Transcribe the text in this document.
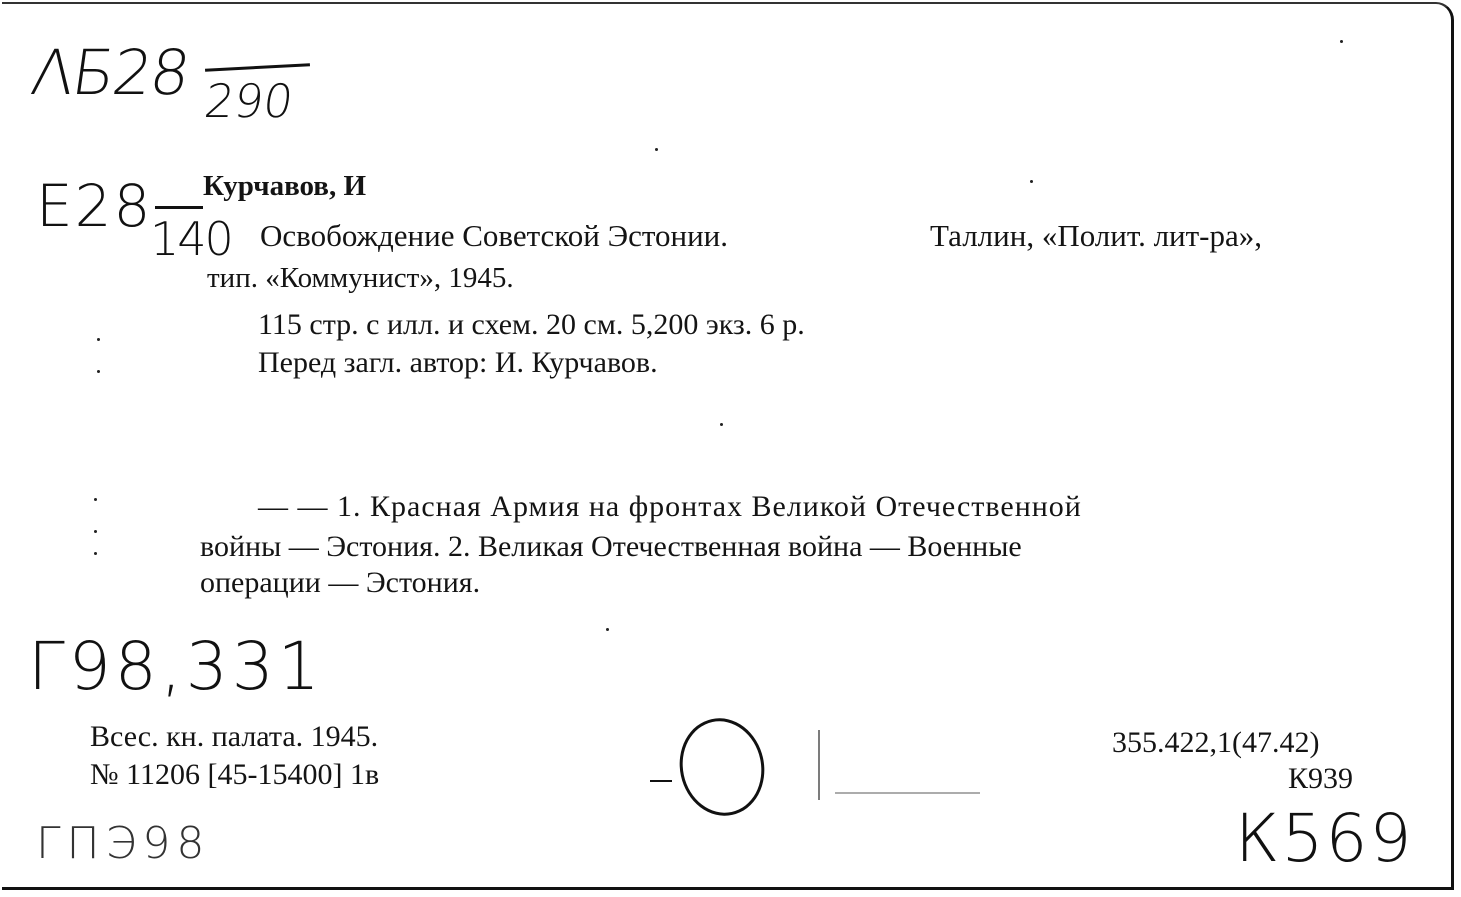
ΛБ28 290
Е28
140
Курчавов, И
Освобождение Советской Эстонии.	Таллин, «Полит. лит-ра»,
тип. «Коммунист», 1945.
115 стр. с илл. и схем. 20 см. 5,200 экз. 6 р.
Перед загл. автор: И. Курчавов.
— — 1. Красная Армия на фронтах Великой Отечественной
войны — Эстония. 2. Великая Отечественная война — Военные
операции — Эстония.
Г98,331
Всес. кн. палата. 1945.
№ 11206 [45-15400] 1в
355.422,1(47.42)
К939
ГПЭ98	К569
